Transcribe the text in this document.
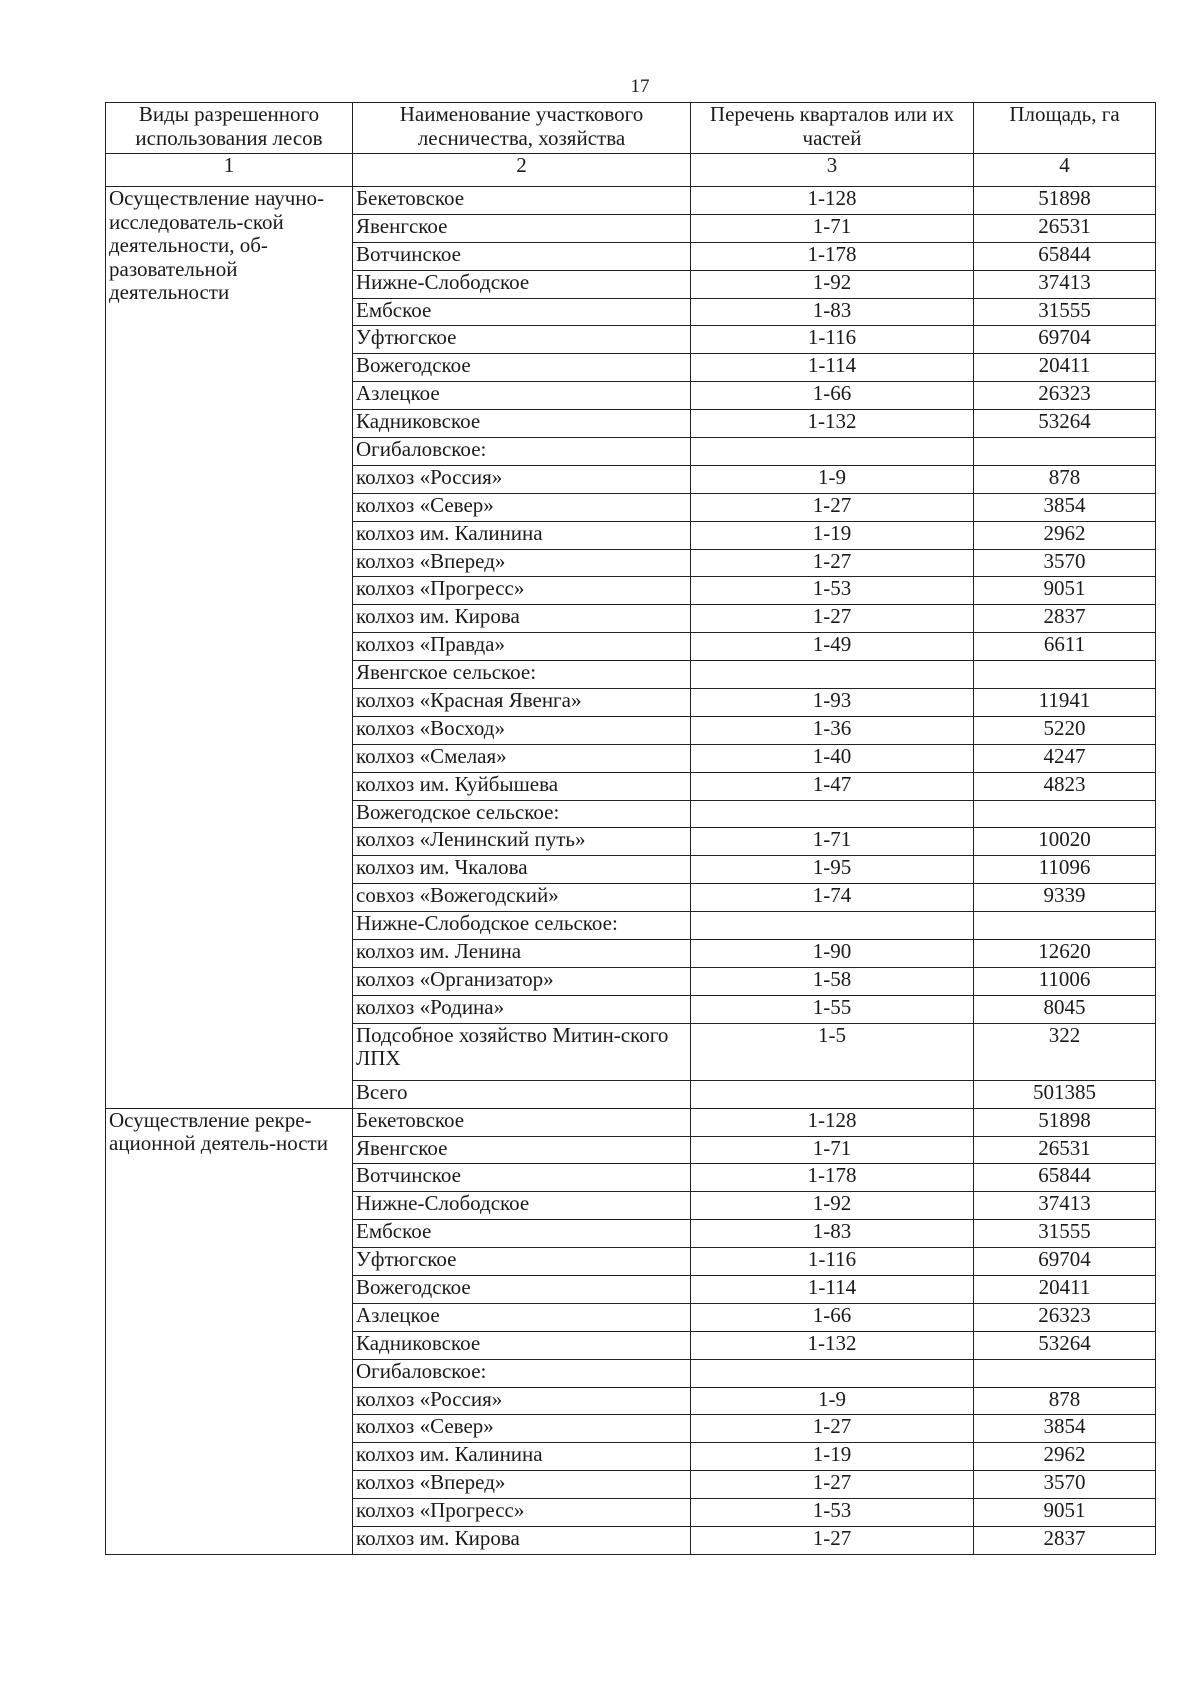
17
Виды разрешенного использования лесов	Наименование участкового лесничества, хозяйства	Перечень кварталов или их частей	Площадь, га
1	2	3	4
Осуществление научно-исследователь-ской деятельности, об-разовательной деятельности	Бекетовское	1-128	51898
	Явенгское	1-71	26531
	Вотчинское	1-178	65844
	Нижне-Слободское	1-92	37413
	Ембское	1-83	31555
	Уфтюгское	1-116	69704
	Вожегодское	1-114	20411
	Азлецкое	1-66	26323
	Кадниковское	1-132	53264
	Огибаловское:		
	колхоз «Россия»	1-9	878
	колхоз «Север»	1-27	3854
	колхоз им. Калинина	1-19	2962
	колхоз «Вперед»	1-27	3570
	колхоз «Прогресс»	1-53	9051
	колхоз им. Кирова	1-27	2837
	колхоз «Правда»	1-49	6611
	Явенгское сельское:		
	колхоз «Красная Явенга»	1-93	11941
	колхоз «Восход»	1-36	5220
	колхоз «Смелая»	1-40	4247
	колхоз им. Куйбышева	1-47	4823
	Вожегодское сельское:		
	колхоз «Ленинский путь»	1-71	10020
	колхоз им. Чкалова	1-95	11096
	совхоз «Вожегодский»	1-74	9339
	Нижне-Слободское сельское:		
	колхоз им. Ленина	1-90	12620
	колхоз «Организатор»	1-58	11006
	колхоз «Родина»	1-55	8045
	Подсобное хозяйство Митин-ского ЛПХ	1-5	322
	Всего		501385
Осуществление рекре-ационной деятель-ности	Бекетовское	1-128	51898
	Явенгское	1-71	26531
	Вотчинское	1-178	65844
	Нижне-Слободское	1-92	37413
	Ембское	1-83	31555
	Уфтюгское	1-116	69704
	Вожегодское	1-114	20411
	Азлецкое	1-66	26323
	Кадниковское	1-132	53264
	Огибаловское:		
	колхоз «Россия»	1-9	878
	колхоз «Север»	1-27	3854
	колхоз им. Калинина	1-19	2962
	колхоз «Вперед»	1-27	3570
	колхоз «Прогресс»	1-53	9051
	колхоз им. Кирова	1-27	2837
